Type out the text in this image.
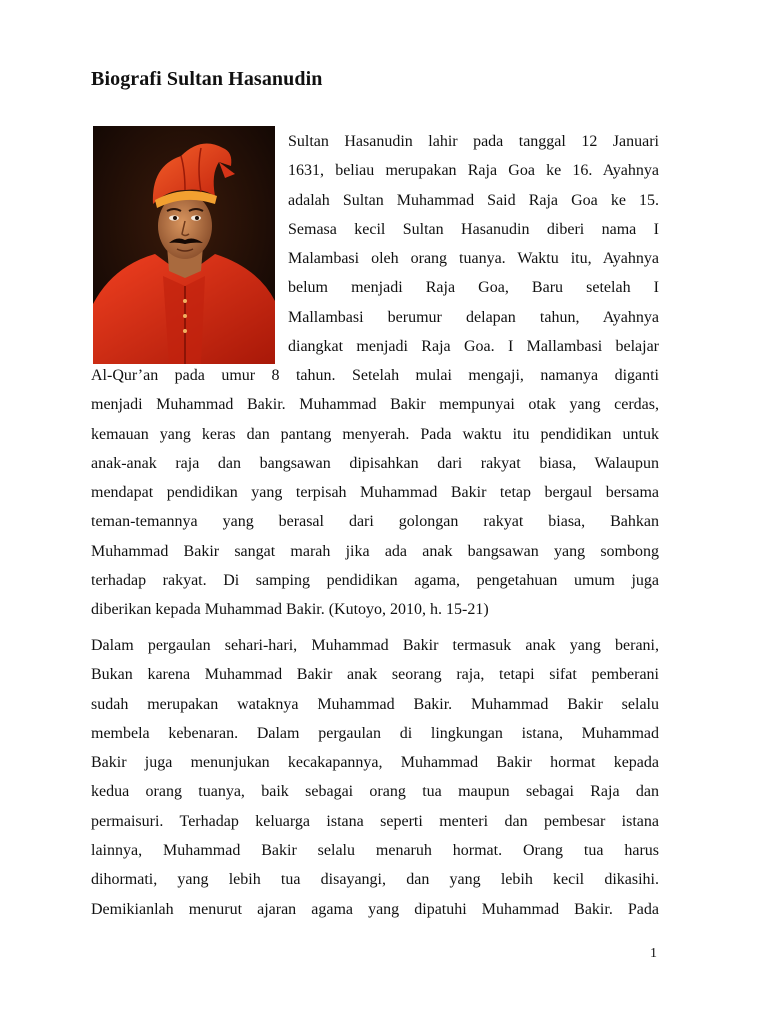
Biografi Sultan Hasanudin
Sultan Hasanudin lahir pada tanggal 12 Januari
1631, beliau merupakan Raja Goa ke 16. Ayahnya
adalah Sultan Muhammad Said Raja Goa ke 15.
Semasa kecil Sultan Hasanudin diberi nama I
Malambasi oleh orang tuanya. Waktu itu, Ayahnya
belum menjadi Raja Goa, Baru setelah I
Mallambasi berumur delapan tahun, Ayahnya
diangkat menjadi Raja Goa. I Mallambasi belajar
Al-Qur’an pada umur 8 tahun. Setelah mulai mengaji, namanya diganti
menjadi Muhammad Bakir. Muhammad Bakir mempunyai otak yang cerdas,
kemauan yang keras dan pantang menyerah. Pada waktu itu pendidikan untuk
anak-anak raja dan bangsawan dipisahkan dari rakyat biasa, Walaupun
mendapat pendidikan yang terpisah Muhammad Bakir tetap bergaul bersama
teman-temannya yang berasal dari golongan rakyat biasa, Bahkan
Muhammad Bakir sangat marah jika ada anak bangsawan yang sombong
terhadap rakyat. Di samping pendidikan agama, pengetahuan umum juga
diberikan kepada Muhammad Bakir. (Kutoyo, 2010, h. 15-21)
Dalam pergaulan sehari-hari, Muhammad Bakir termasuk anak yang berani,
Bukan karena Muhammad Bakir anak seorang raja, tetapi sifat pemberani
sudah merupakan wataknya Muhammad Bakir. Muhammad Bakir selalu
membela kebenaran. Dalam pergaulan di lingkungan istana, Muhammad
Bakir juga menunjukan kecakapannya, Muhammad Bakir hormat kepada
kedua orang tuanya, baik sebagai orang tua maupun sebagai Raja dan
permaisuri. Terhadap keluarga istana seperti menteri dan pembesar istana
lainnya, Muhammad Bakir selalu menaruh hormat. Orang tua harus
dihormati, yang lebih tua disayangi, dan yang lebih kecil dikasihi.
Demikianlah menurut ajaran agama yang dipatuhi Muhammad Bakir. Pada
1
